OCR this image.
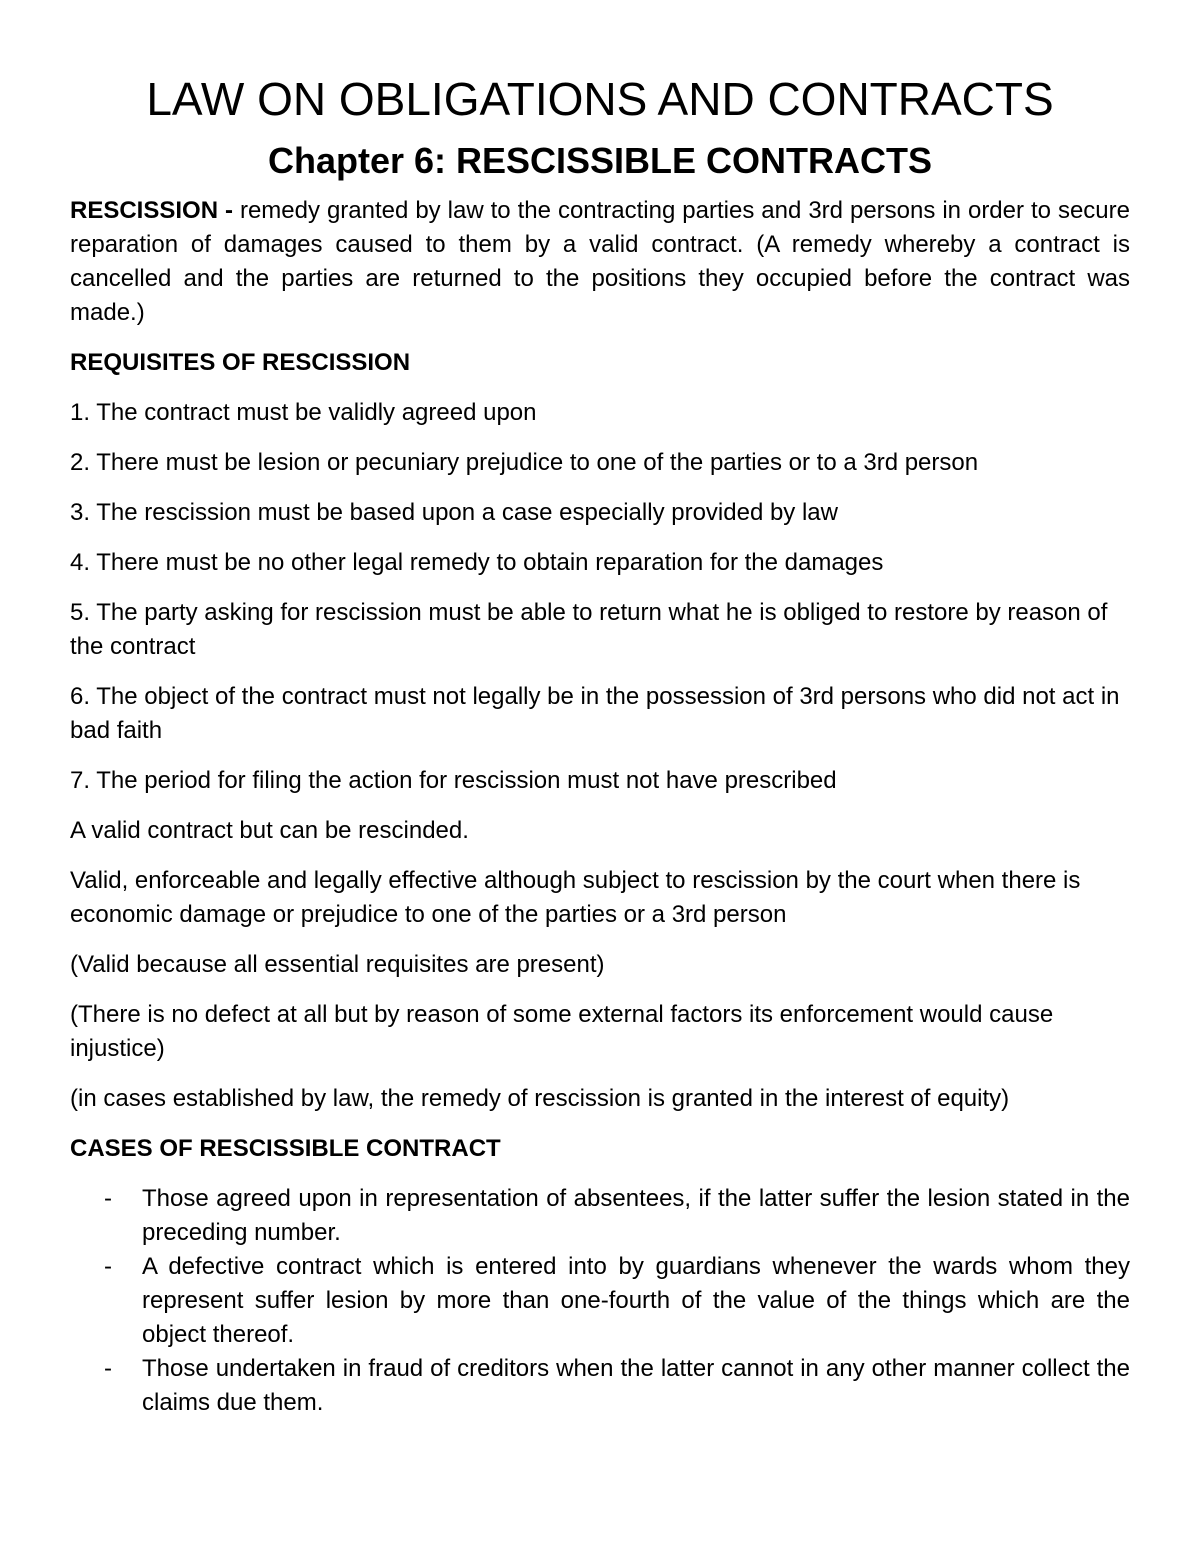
LAW ON OBLIGATIONS AND CONTRACTS
Chapter 6: RESCISSIBLE CONTRACTS

RESCISSION - remedy granted by law to the contracting parties and 3rd persons in order to secure reparation of damages caused to them by a valid contract. (A remedy whereby a contract is cancelled and the parties are returned to the positions they occupied before the contract was made.)

REQUISITES OF RESCISSION

1. The contract must be validly agreed upon

2. There must be lesion or pecuniary prejudice to one of the parties or to a 3rd person

3. The rescission must be based upon a case especially provided by law

4. There must be no other legal remedy to obtain reparation for the damages

5. The party asking for rescission must be able to return what he is obliged to restore by reason of the contract

6. The object of the contract must not legally be in the possession of 3rd persons who did not act in bad faith

7. The period for filing the action for rescission must not have prescribed

A valid contract but can be rescinded.

Valid, enforceable and legally effective although subject to rescission by the court when there is economic damage or prejudice to one of the parties or a 3rd person

(Valid because all essential requisites are present)

(There is no defect at all but by reason of some external factors its enforcement would cause injustice)

(in cases established by law, the remedy of rescission is granted in the interest of equity)

CASES OF RESCISSIBLE CONTRACT

- Those agreed upon in representation of absentees, if the latter suffer the lesion stated in the preceding number.
- A defective contract which is entered into by guardians whenever the wards whom they represent suffer lesion by more than one-fourth of the value of the things which are the object thereof.
- Those undertaken in fraud of creditors when the latter cannot in any other manner collect the claims due them.
